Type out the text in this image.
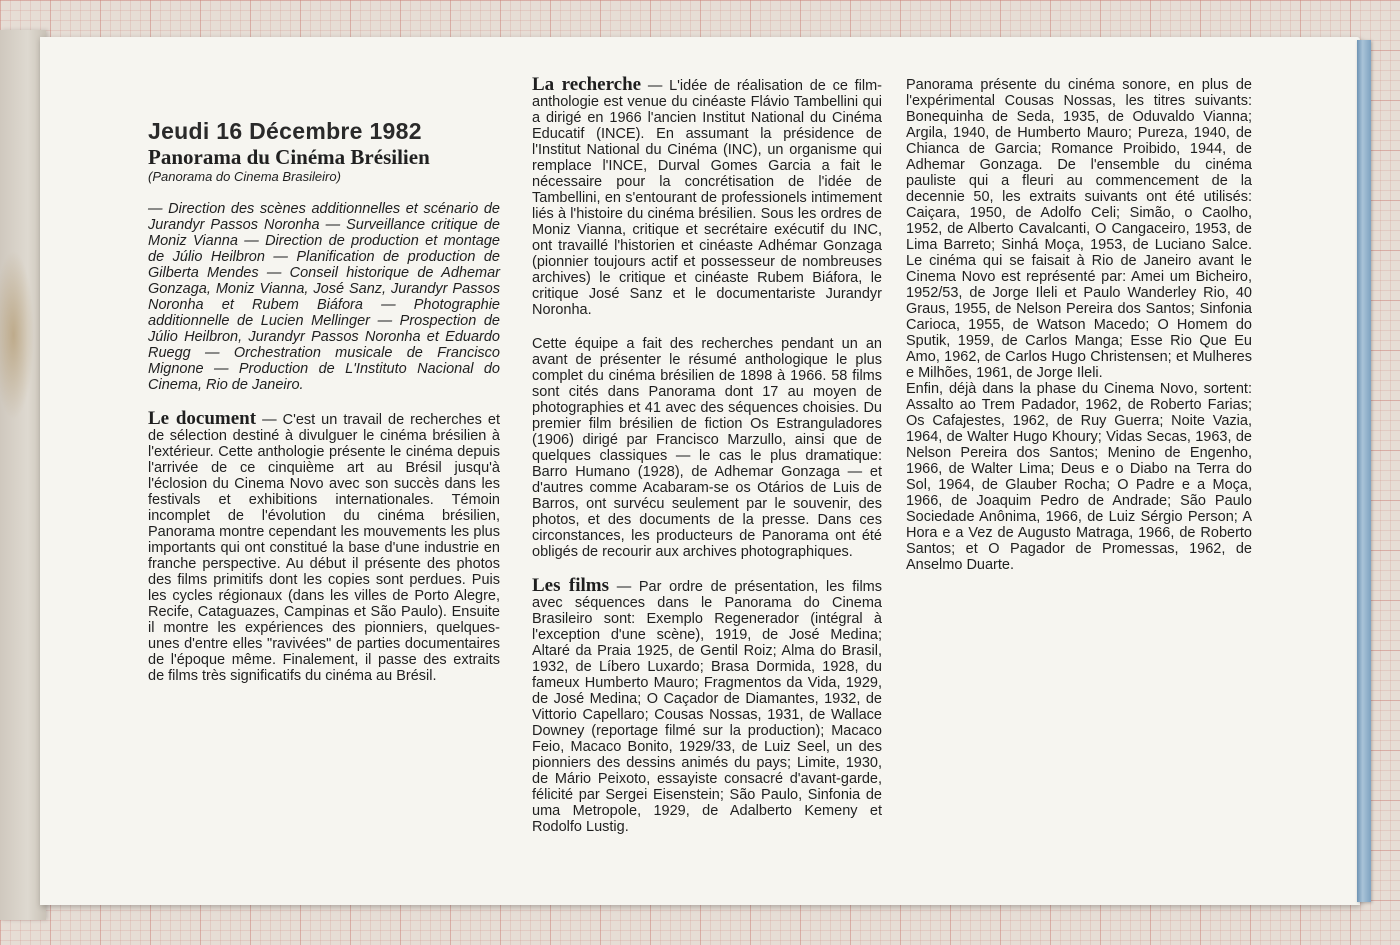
Jeudi 16 Décembre 1982
Panorama du Cinéma Brésilien
(Panorama do Cinema Brasileiro)

— Direction des scènes additionnelles et scénario de Jurandyr Passos Noronha — Surveillance critique de Moniz Vianna — Direction de production et montage de Júlio Heilbron — Planification de production de Gilberta Mendes — Conseil historique de Adhemar Gonzaga, Moniz Vianna, José Sanz, Jurandyr Passos Noronha et Rubem Biáfora — Photographie additionnelle de Lucien Mellinger — Prospection de Júlio Heilbron, Jurandyr Passos Noronha et Eduardo Ruegg — Orchestration musicale de Francisco Mignone — Production de L'Instituto Nacional do Cinema, Rio de Janeiro.

Le document — C'est un travail de recherches et de sélection destiné à divulguer le cinéma brésilien à l'extérieur. Cette anthologie présente le cinéma depuis l'arrivée de ce cinquième art au Brésil jusqu'à l'éclosion du Cinema Novo avec son succès dans les festivals et exhibitions internationales. Témoin incomplet de l'évolution du cinéma brésilien, Panorama montre cependant les mouvements les plus importants qui ont constitué la base d'une industrie en franche perspective. Au début il présente des photos des films primitifs dont les copies sont perdues. Puis les cycles régionaux (dans les villes de Porto Alegre, Recife, Cataguazes, Campinas et São Paulo). Ensuite il montre les expériences des pionniers, quelques-unes d'entre elles "ravivées" de parties documentaires de l'époque même. Finalement, il passe des extraits de films très significatifs du cinéma au Brésil.

La recherche — L'idée de réalisation de ce film-anthologie est venue du cinéaste Flávio Tambellini qui a dirigé en 1966 l'ancien Institut National du Cinéma Educatif (INCE). En assumant la présidence de l'Institut National du Cinéma (INC), un organisme qui remplace l'INCE, Durval Gomes Garcia a fait le nécessaire pour la concrétisation de l'idée de Tambellini, en s'entourant de professionels intimement liés à l'histoire du cinéma brésilien. Sous les ordres de Moniz Vianna, critique et secrétaire exécutif du INC, ont travaillé l'historien et cinéaste Adhémar Gonzaga (pionnier toujours actif et possesseur de nombreuses archives) le critique et cinéaste Rubem Biáfora, le critique José Sanz et le documentariste Jurandyr Noronha.

Cette équipe a fait des recherches pendant un an avant de présenter le résumé anthologique le plus complet du cinéma brésilien de 1898 à 1966. 58 films sont cités dans Panorama dont 17 au moyen de photographies et 41 avec des séquences choisies. Du premier film brésilien de fiction Os Estranguladores (1906) dirigé par Francisco Marzullo, ainsi que de quelques classiques — le cas le plus dramatique: Barro Humano (1928), de Adhemar Gonzaga — et d'autres comme Acabaram-se os Otários de Luis de Barros, ont survécu seulement par le souvenir, des photos, et des documents de la presse. Dans ces circonstances, les producteurs de Panorama ont été obligés de recourir aux archives photographiques.

Les films — Par ordre de présentation, les films avec séquences dans le Panorama do Cinema Brasileiro sont: Exemplo Regenerador (intégral à l'exception d'une scène), 1919, de José Medina; Altaré da Praia 1925, de Gentil Roiz; Alma do Brasil, 1932, de Líbero Luxardo; Brasa Dormida, 1928, du fameux Humberto Mauro; Fragmentos da Vida, 1929, de José Medina; O Caçador de Diamantes, 1932, de Vittorio Capellaro; Cousas Nossas, 1931, de Wallace Downey (reportage filmé sur la production); Macaco Feio, Macaco Bonito, 1929/33, de Luiz Seel, un des pionniers des dessins animés du pays; Limite, 1930, de Mário Peixoto, essayiste consacré d'avant-garde, félicité par Sergei Eisenstein; São Paulo, Sinfonia de uma Metropole, 1929, de Adalberto Kemeny et Rodolfo Lustig.

Panorama présente du cinéma sonore, en plus de l'expérimental Cousas Nossas, les titres suivants: Bonequinha de Seda, 1935, de Oduvaldo Vianna; Argila, 1940, de Humberto Mauro; Pureza, 1940, de Chianca de Garcia; Romance Proibido, 1944, de Adhemar Gonzaga. De l'ensemble du cinéma pauliste qui a fleuri au commencement de la decennie 50, les extraits suivants ont été utilisés: Caiçara, 1950, de Adolfo Celi; Simão, o Caolho, 1952, de Alberto Cavalcanti, O Cangaceiro, 1953, de Lima Barreto; Sinhá Moça, 1953, de Luciano Salce. Le cinéma qui se faisait à Rio de Janeiro avant le Cinema Novo est représenté par: Amei um Bicheiro, 1952/53, de Jorge Ileli et Paulo Wanderley Rio, 40 Graus, 1955, de Nelson Pereira dos Santos; Sinfonia Carioca, 1955, de Watson Macedo; O Homem do Sputik, 1959, de Carlos Manga; Esse Rio Que Eu Amo, 1962, de Carlos Hugo Christensen; et Mulheres e Milhões, 1961, de Jorge Ileli.

Enfin, déjà dans la phase du Cinema Novo, sortent: Assalto ao Trem Padador, 1962, de Roberto Farias; Os Cafajestes, 1962, de Ruy Guerra; Noite Vazia, 1964, de Walter Hugo Khoury; Vidas Secas, 1963, de Nelson Pereira dos Santos; Menino de Engenho, 1966, de Walter Lima; Deus e o Diabo na Terra do Sol, 1964, de Glauber Rocha; O Padre e a Moça, 1966, de Joaquim Pedro de Andrade; São Paulo Sociedade Anônima, 1966, de Luiz Sérgio Person; A Hora e a Vez de Augusto Matraga, 1966, de Roberto Santos; et O Pagador de Promessas, 1962, de Anselmo Duarte.
